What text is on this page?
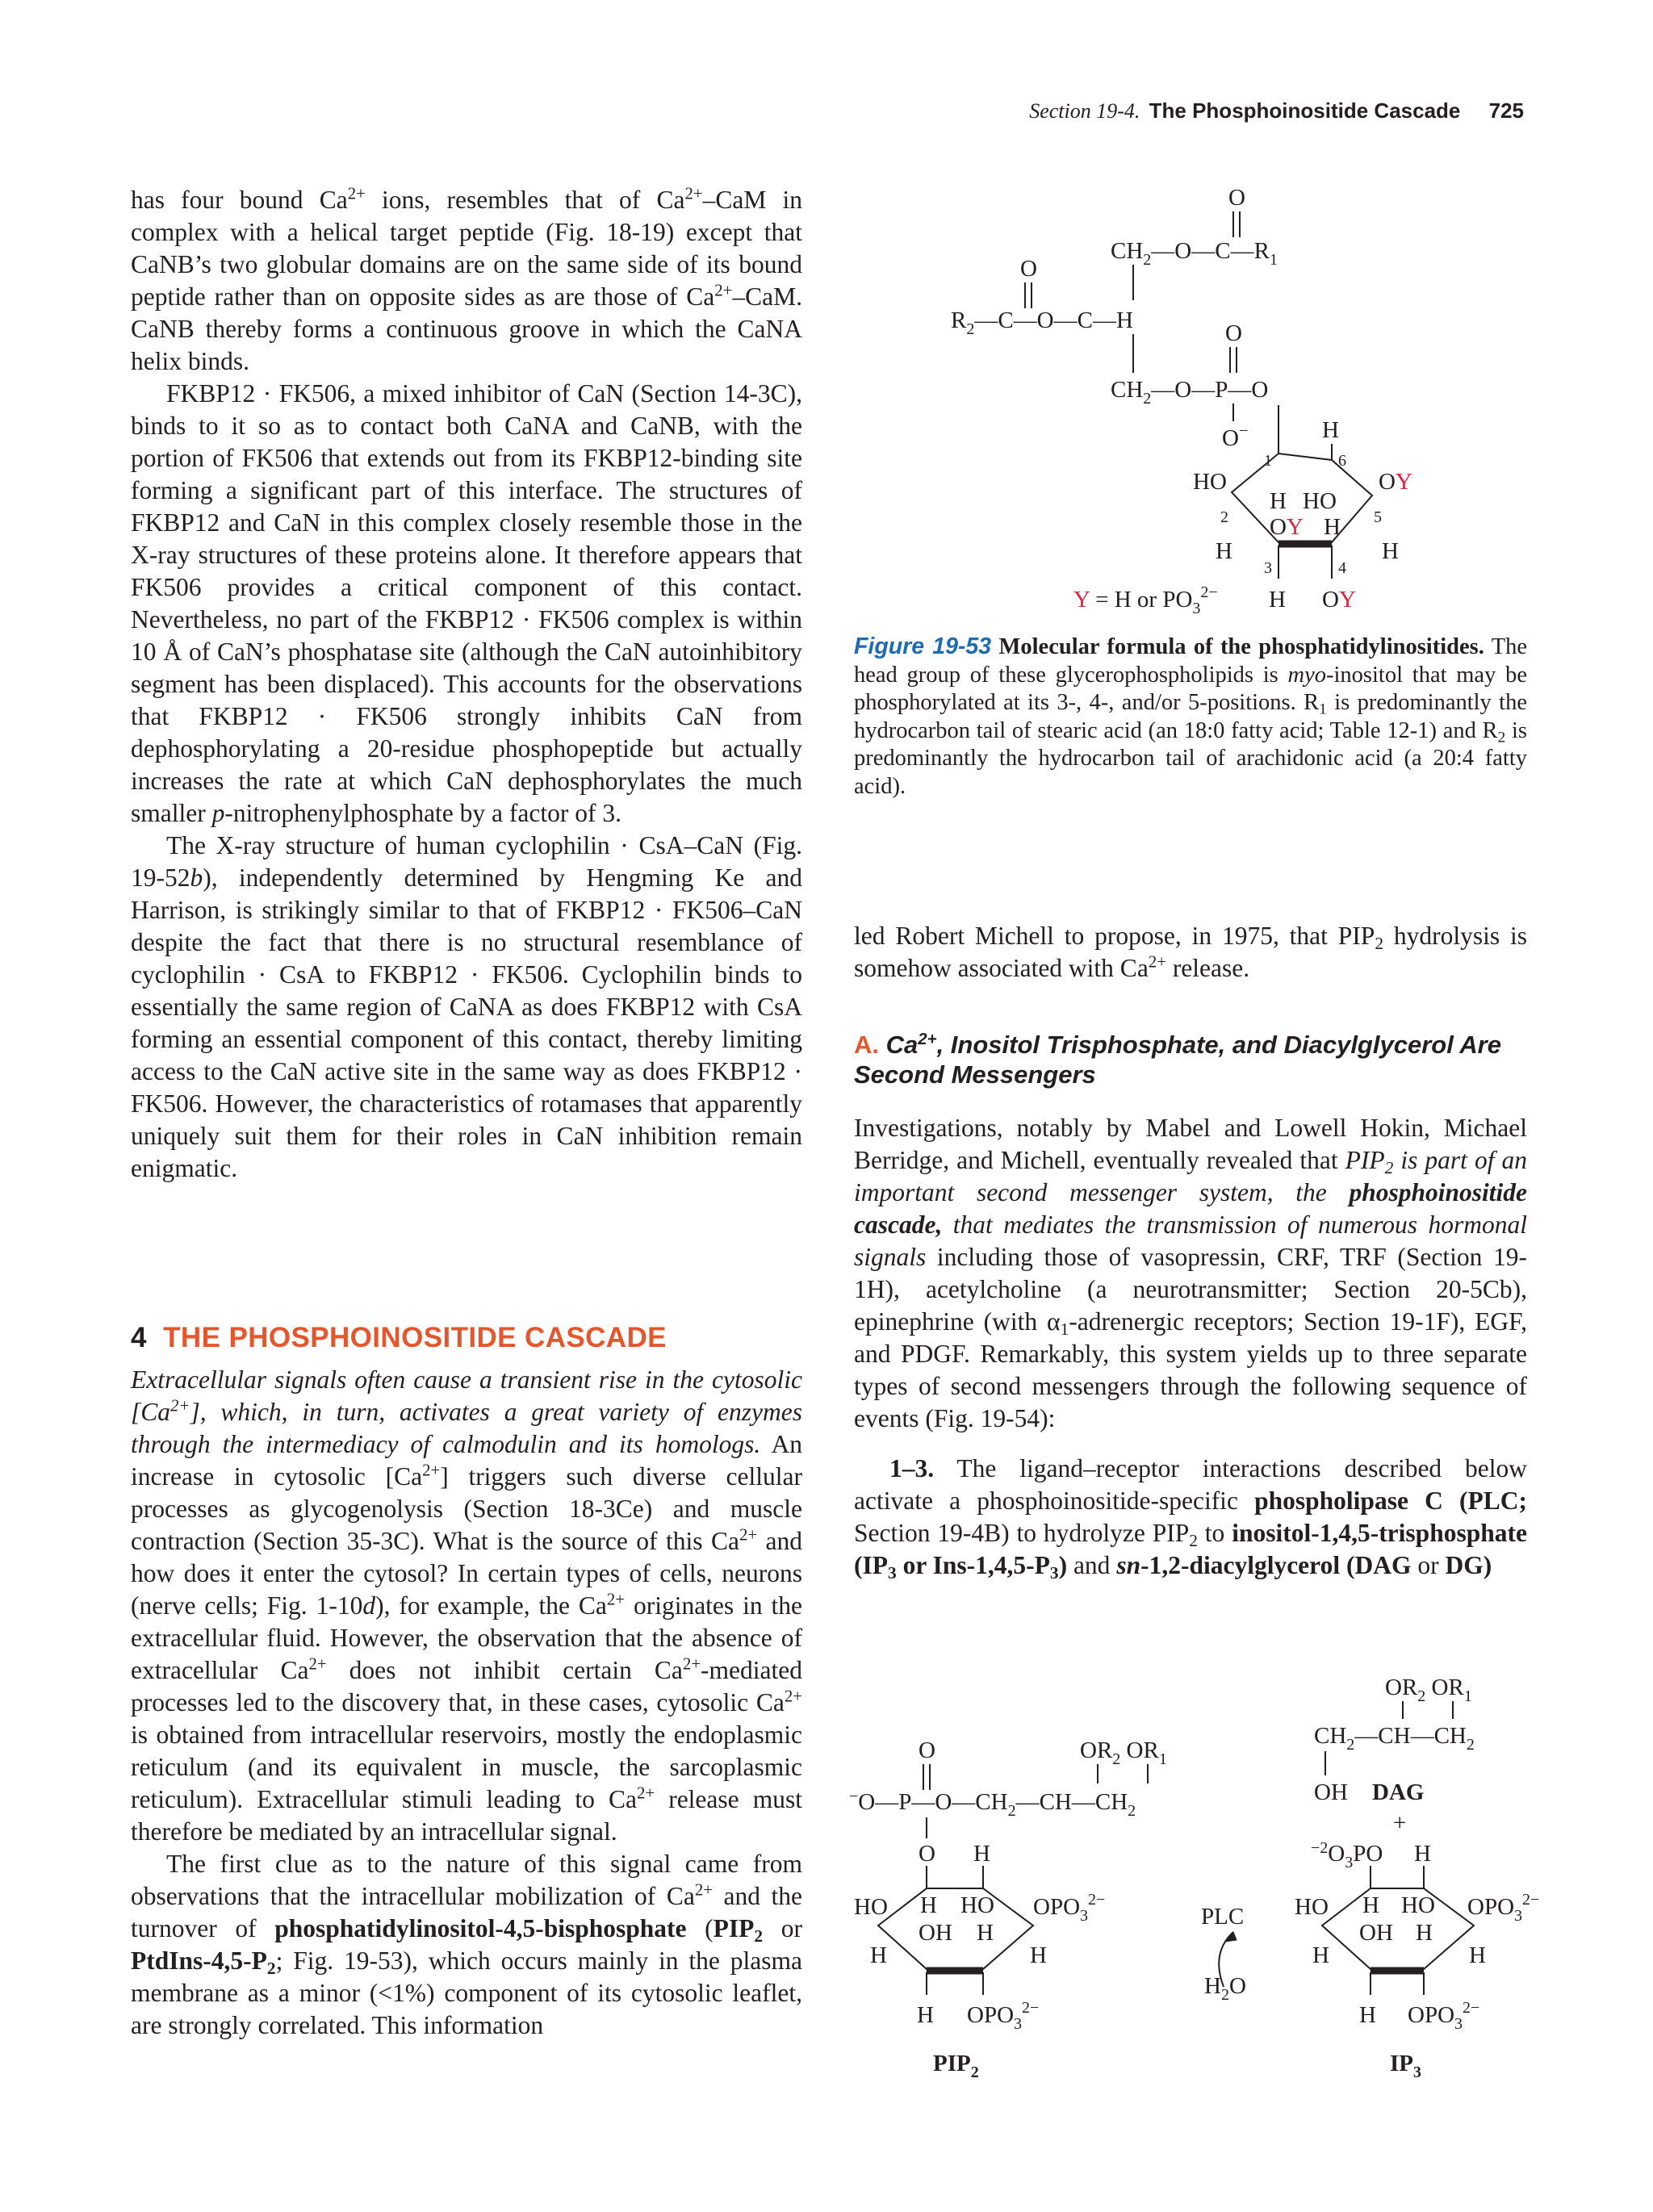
Section 19-4. The Phosphoinositide Cascade 725

has four bound $Ca^{2+}$ ions, resembles that of $Ca^{2+}$–CaM in complex with a helical target peptide (Fig. 18-19) except that CaNB’s two globular domains are on the same side of its bound peptide rather than on opposite sides as are those of $Ca^{2+}$–CaM. CaNB thereby forms a continuous groove in which the CaNA helix binds.

FKBP12 · FK506, a mixed inhibitor of CaN (Section 14-3C), binds to it so as to contact both CaNA and CaNB, with the portion of FK506 that extends out from its FKBP12-binding site forming a significant part of this interface. The structures of FKBP12 and CaN in this complex closely resemble those in the X-ray structures of these proteins alone. It therefore appears that FK506 provides a critical component of this contact. Nevertheless, no part of the FKBP12 · FK506 complex is within 10 Å of CaN’s phosphatase site (although the CaN autoinhibitory segment has been displaced). This accounts for the observations that FKBP12 · FK506 strongly inhibits CaN from dephosphorylating a 20-residue phosphopeptide but actually increases the rate at which CaN dephosphorylates the much smaller p-nitrophenylphosphate by a factor of 3.

The X-ray structure of human cyclophilin · CsA–CaN (Fig. 19-52b), independently determined by Hengming Ke and Harrison, is strikingly similar to that of FKBP12 · FK506–CaN despite the fact that there is no structural resemblance of cyclophilin · CsA to FKBP12 · FK506. Cyclophilin binds to essentially the same region of CaNA as does FKBP12 with CsA forming an essential component of this contact, thereby limiting access to the CaN active site in the same way as does FKBP12 · FK506. However, the characteristics of rotamases that apparently uniquely suit them for their roles in CaN inhibition remain enigmatic.

4 THE PHOSPHOINOSITIDE CASCADE

Extracellular signals often cause a transient rise in the cytosolic $[Ca^{2+}]$, which, in turn, activates a great variety of enzymes through the intermediacy of calmodulin and its homologs. An increase in cytosolic $[Ca^{2+}]$ triggers such diverse cellular processes as glycogenolysis (Section 18-3Ce) and muscle contraction (Section 35-3C). What is the source of this $Ca^{2+}$ and how does it enter the cytosol? In certain types of cells, neurons (nerve cells; Fig. 1-10d), for example, the $Ca^{2+}$ originates in the extracellular fluid. However, the observation that the absence of extracellular $Ca^{2+}$ does not inhibit certain $Ca^{2+}$-mediated processes led to the discovery that, in these cases, cytosolic $Ca^{2+}$ is obtained from intracellular reservoirs, mostly the endoplasmic reticulum (and its equivalent in muscle, the sarcoplasmic reticulum). Extracellular stimuli leading to $Ca^{2+}$ release must therefore be mediated by an intracellular signal.

The first clue as to the nature of this signal came from observations that the intracellular mobilization of $Ca^{2+}$ and the turnover of phosphatidylinositol-4,5-bisphosphate ($PIP_2$ or PtdIns-$4,5-P_2$; Fig. 19-53), which occurs mainly in the plasma membrane as a minor (<1%) component of its cytosolic leaflet, are strongly correlated. This information

O
$CH_2—O—C—R_1$
O
$R_2—C—O—C—H$	O
$CH_2—O—P—O$
O−	H
1	6
HO
H HO
OY
2	5
OY H
H	H
3	4
H OY
Y = H or $PO_3^{2-}$
Figure 19-53 Molecular formula of the phosphatidylinositides. The head group of these glycerophospholipids is myo-inositol that may be phosphorylated at its 3-, 4-, and/or 5-positions. $R_1$ is predominantly the hydrocarbon tail of stearic acid (an 18:0 fatty acid; Table 12-1) and $R_2$ is predominantly the hydrocarbon tail of arachidonic acid (a 20:4 fatty acid).

led Robert Michell to propose, in 1975, that $PIP_2$ hydrolysis is somehow associated with $Ca^{2+}$ release.

A. $Ca^{2+}$, Inositol Trisphosphate, and Diacylglycerol Are Second Messengers

Investigations, notably by Mabel and Lowell Hokin, Michael Berridge, and Michell, eventually revealed that $PIP_2$ is part of an important second messenger system, the phosphoinositide cascade, that mediates the transmission of numerous hormonal signals including those of vasopressin, CRF, TRF (Section 19-1H), acetylcholine (a neurotransmitter; Section 20-5Cb), epinephrine (with $\alpha_1$-adrenergic receptors; Section 19-1F), EGF, and PDGF. Remarkably, this system yields up to three separate types of second messengers through the following sequence of events (Fig. 19-54):

1–3. The ligand–receptor interactions described below activate a phosphoinositide-specific phospholipase C (PLC; Section 19-4B) to hydrolyze $PIP_2$ to inositol-1,4,5-trisphosphate ($IP_3$ or Ins-$1,4,5-P_3$) and sn-1,2-diacylglycerol (DAG or DG)

$OR_2$ $OR_1$
$CH_2—CH—CH_2$
OH DAG
+
O	$OR_2$ $OR_1$
$^-O—P—O—CH_2—CH—CH_2$
O H
HO H HO $OPO_3^{2-}$
OH H
H	H
H $OPO_3^{2-}$
$PIP_2$
PLC
$H_2O$
$^{-2}O_3PO$ H
HO H HO $OPO_3^{2-}$
OH H
H	H
H $OPO_3^{2-}$
$IP_3$
